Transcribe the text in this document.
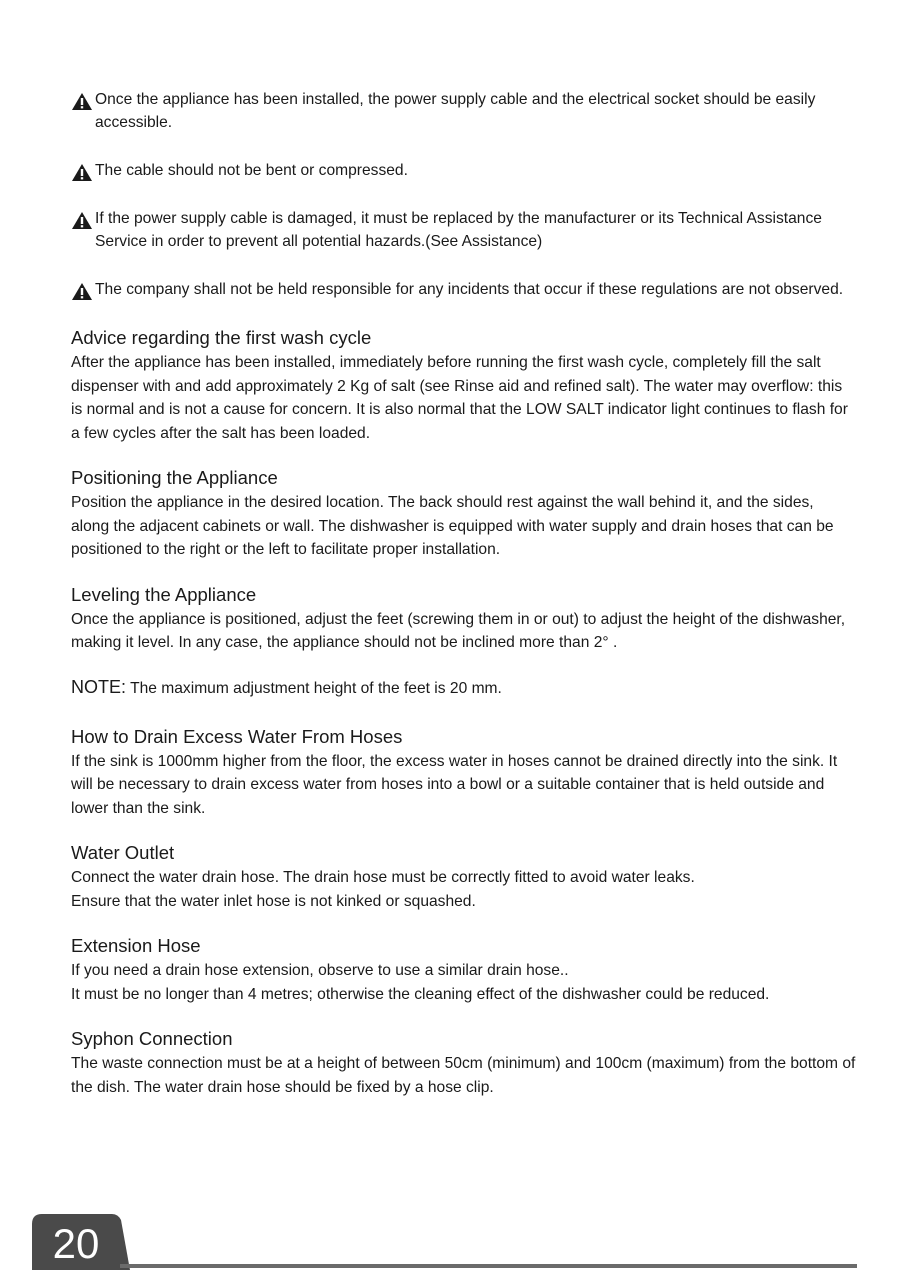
Once the appliance has been installed, the power supply cable and the electrical socket should be easily accessible.
The cable should not be bent or compressed.
If the power supply cable is damaged, it must be replaced by the manufacturer or its Technical Assistance Service in order to prevent all potential hazards.(See Assistance)
The company shall not be held responsible for any incidents that occur if these regulations are not observed.
Advice regarding the first wash cycle

After the appliance has been installed, immediately before running the first wash cycle, completely fill the salt dispenser with and add approximately 2 Kg of salt (see Rinse aid and refined salt). The water may overflow: this is normal and is not a cause for concern. It is also normal that the LOW SALT indicator light continues to flash for a few cycles after the salt has been loaded.

Positioning the Appliance

Position the appliance in the desired location. The back should rest against the wall behind it, and the sides, along the adjacent cabinets or wall. The dishwasher is equipped with water supply and drain hoses that can be positioned to the right or the left to facilitate proper installation.

Leveling the Appliance

Once the appliance is positioned, adjust the feet (screwing them in or out) to adjust the height of the dishwasher, making it level. In any case, the appliance should not be inclined more than 2° .

NOTE: The maximum adjustment height of the feet is 20 mm.

How to Drain Excess Water From Hoses

If the sink is 1000mm higher from the floor, the excess water in hoses cannot be drained directly into the sink. It will be necessary to drain excess water from hoses into a bowl or a suitable container that is held outside and lower than the sink.

Water Outlet

Connect the water drain hose. The drain hose must be correctly fitted to avoid water leaks.

Ensure that the water inlet hose is not kinked or squashed.

Extension Hose

If you need a drain hose extension, observe to use a similar drain hose..

It must be no longer than 4 metres; otherwise the cleaning effect of the dishwasher could be reduced.

Syphon Connection

The waste connection must be at a height of between 50cm (minimum) and 100cm (maximum) from the bottom of the dish. The water drain hose should be fixed by a hose clip.

20
